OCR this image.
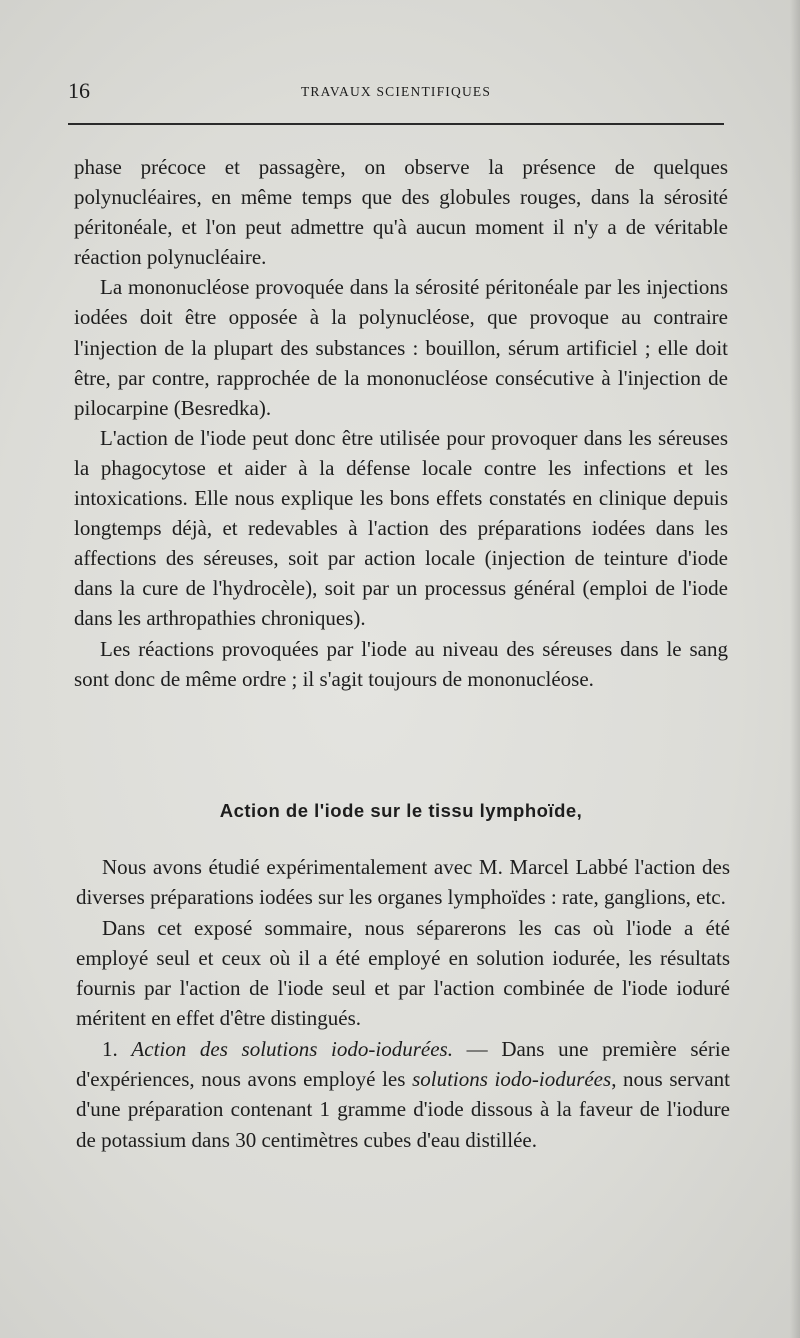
16	TRAVAUX SCIENTIFIQUES

phase précoce et passagère, on observe la présence de quelques polynucléaires, en même temps que des globules rouges, dans la sérosité péritonéale, et l'on peut admettre qu'à aucun moment il n'y a de véritable réaction polynucléaire.

La mononucléose provoquée dans la sérosité péritonéale par les injections iodées doit être opposée à la polynucléose, que provoque au contraire l'injection de la plupart des substances : bouillon, sérum artificiel ; elle doit être, par contre, rapprochée de la mononucléose consécutive à l'injection de pilocarpine (Besredka).

L'action de l'iode peut donc être utilisée pour provoquer dans les séreuses la phagocytose et aider à la défense locale contre les infections et les intoxications. Elle nous explique les bons effets constatés en clinique depuis longtemps déjà, et redevables à l'action des préparations iodées dans les affections des séreuses, soit par action locale (injection de teinture d'iode dans la cure de l'hydrocèle), soit par un processus général (emploi de l'iode dans les arthropathies chroniques).

Les réactions provoquées par l'iode au niveau des séreuses dans le sang sont donc de même ordre ; il s'agit toujours de mononucléose.

Action de l'iode sur le tissu lymphoïde,

Nous avons étudié expérimentalement avec M. Marcel Labbé l'action des diverses préparations iodées sur les organes lymphoïdes : rate, ganglions, etc.

Dans cet exposé sommaire, nous séparerons les cas où l'iode a été employé seul et ceux où il a été employé en solution iodurée, les résultats fournis par l'action de l'iode seul et par l'action combinée de l'iode ioduré méritent en effet d'être distingués.

1. Action des solutions iodo-iodurées. — Dans une première série d'expériences, nous avons employé les solutions iodo-iodurées, nous servant d'une préparation contenant 1 gramme d'iode dissous à la faveur de l'iodure de potassium dans 30 centimètres cubes d'eau distillée.
